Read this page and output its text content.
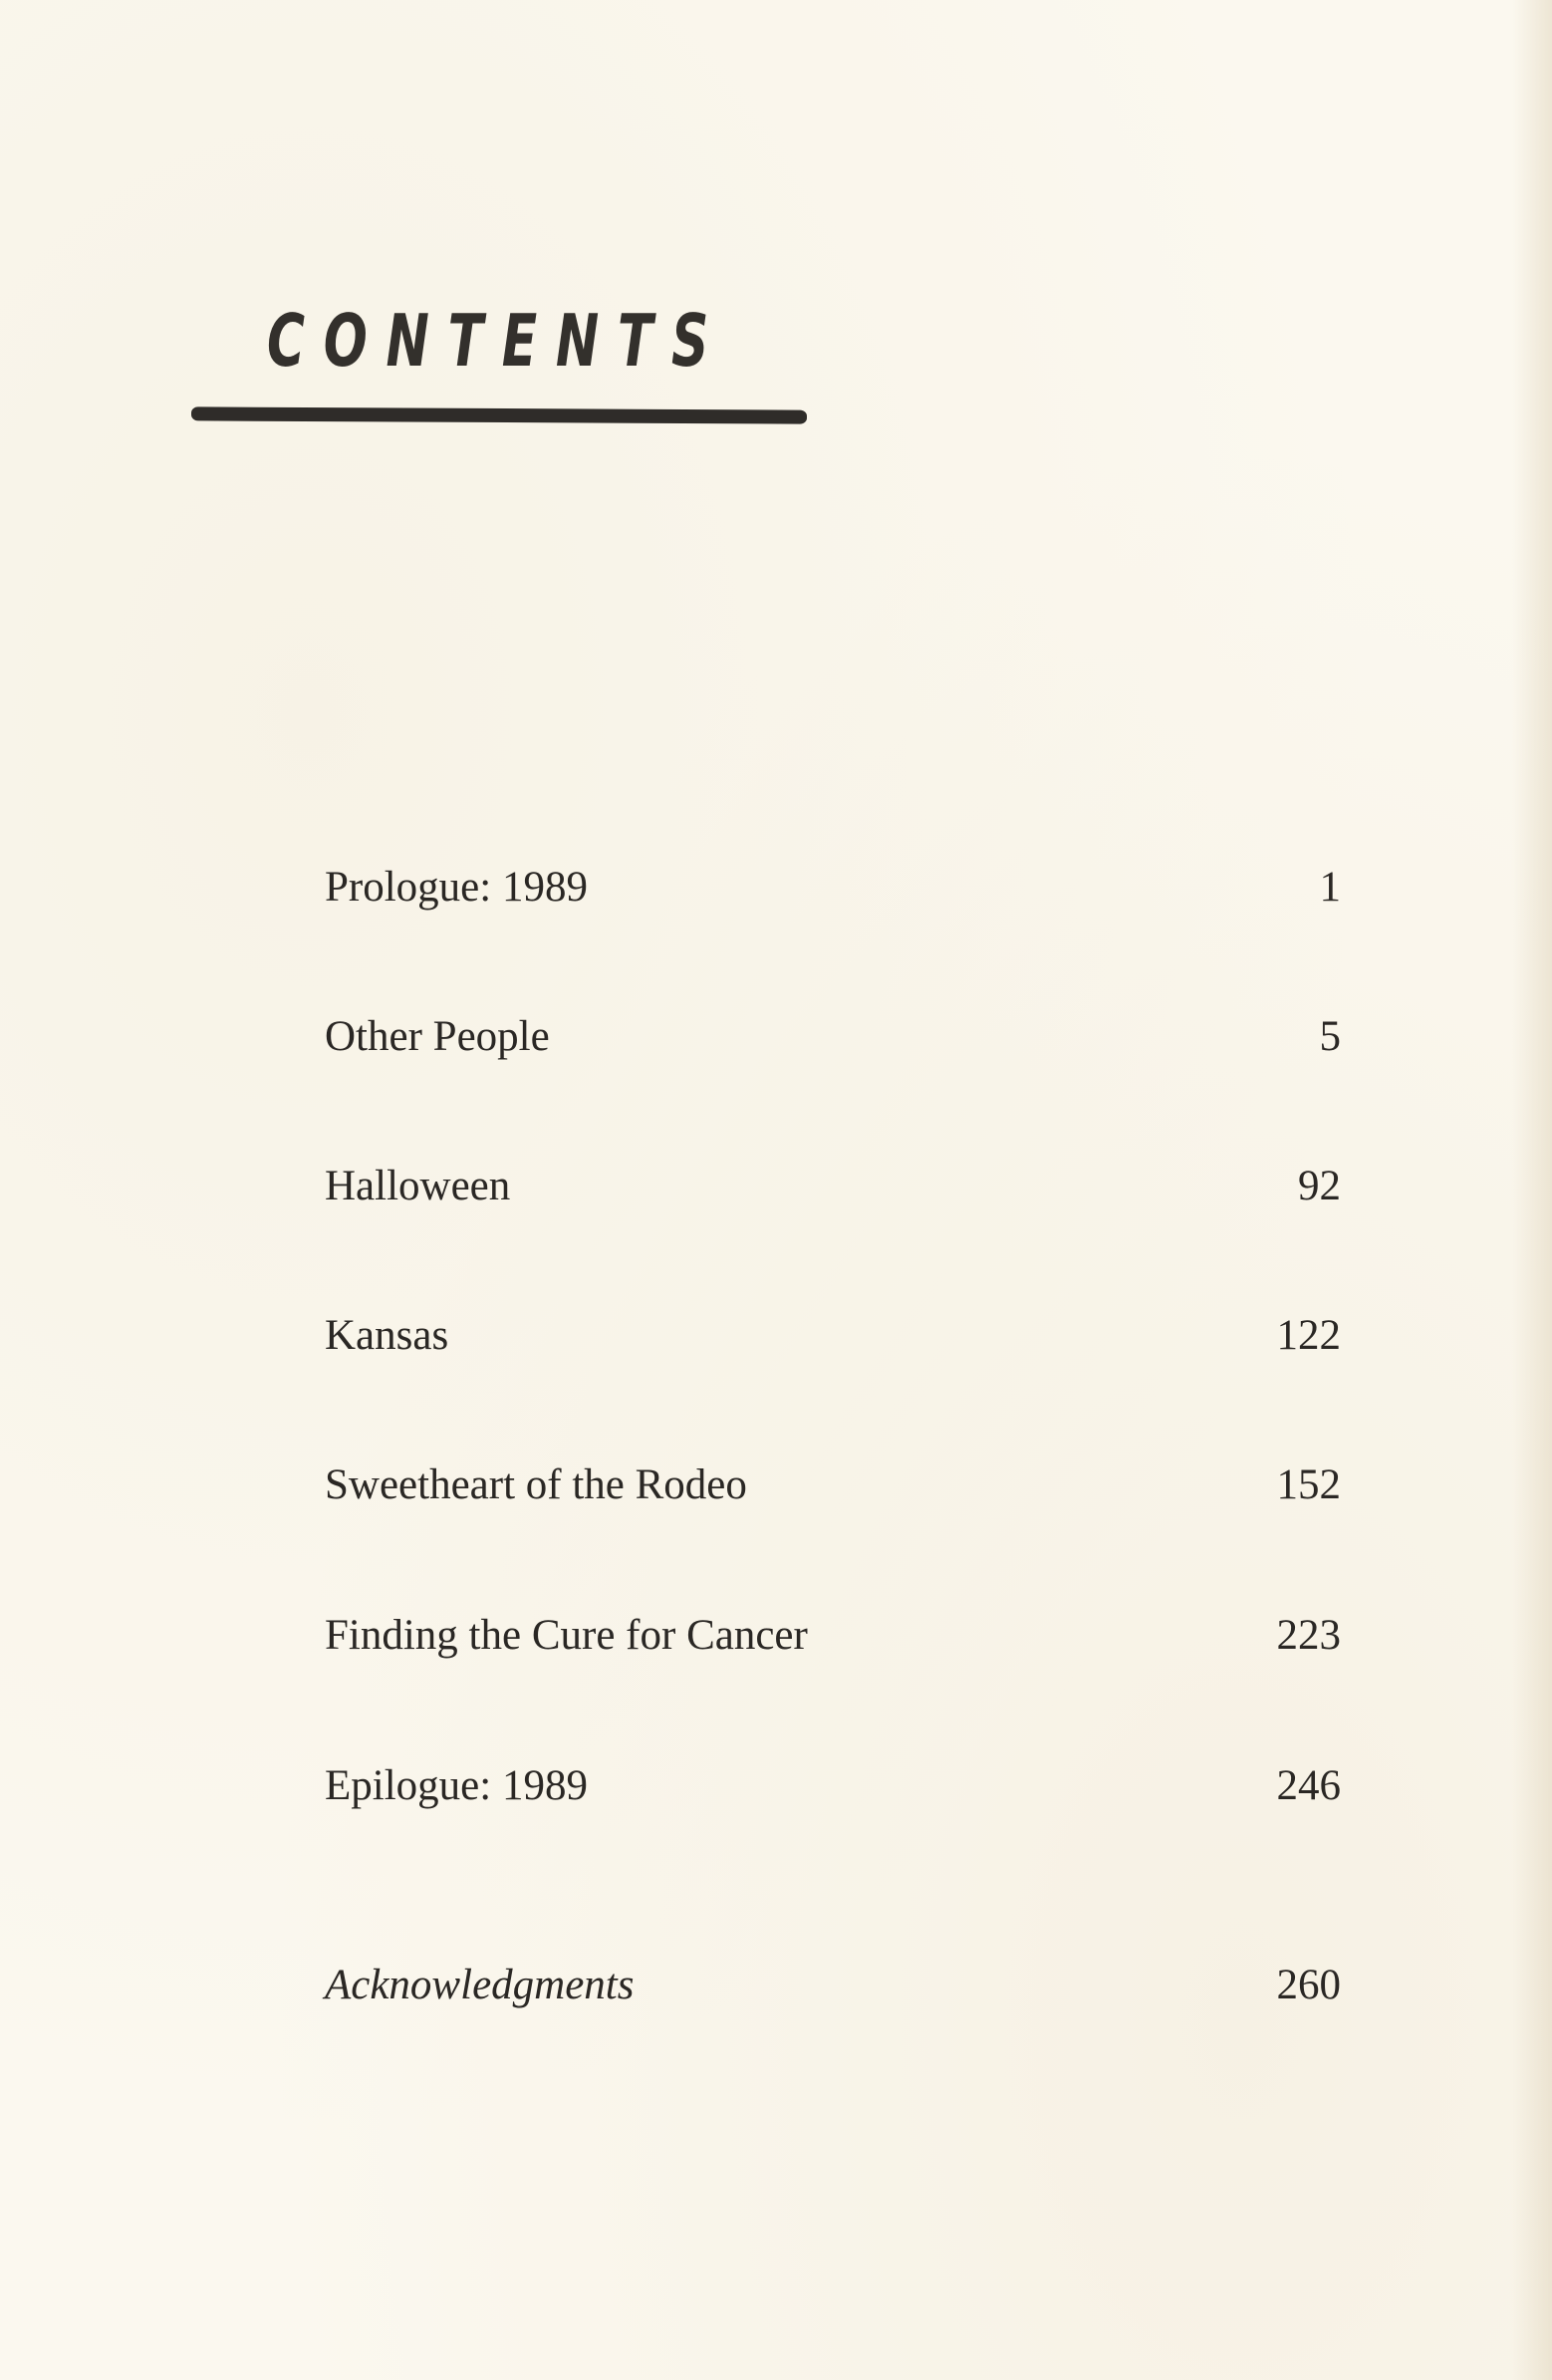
CONTENTS
Prologue: 1989	1
Other People	5
Halloween	92
Kansas	122
Sweetheart of the Rodeo	152
Finding the Cure for Cancer	223
Epilogue: 1989	246
Acknowledgments	260
